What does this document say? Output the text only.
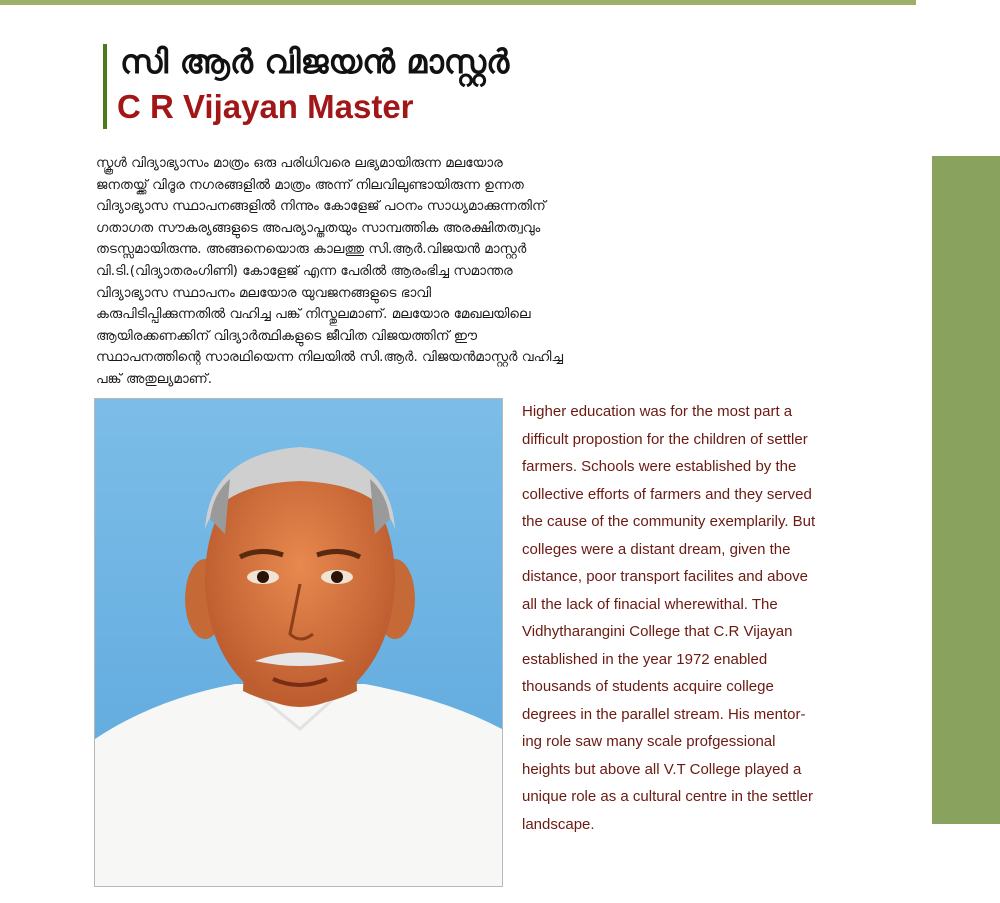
സി ആർ വിജയൻ മാസ്റ്റർ
C R Vijayan Master
സ്കൂൾ വിദ്യാഭ്യാസം മാത്രം ഒരു പരിധിവരെ ലഭ്യമായിരുന്ന മലയോര
ജനതയ്ക്ക് വിദൂര നഗരങ്ങളിൽ മാത്രം അന്ന് നിലവിലുണ്ടായിരുന്ന ഉന്നത
വിദ്യാഭ്യാസ സ്ഥാപനങ്ങളിൽ നിന്നും കോളേജ് പഠനം സാധ്യമാക്കുന്നതിന്
ഗതാഗത സൗകര്യങ്ങളുടെ അപര്യാപ്തതയും സാമ്പത്തിക അരക്ഷിതത്വവും
തടസ്സമായിരുന്നു. അങ്ങനെയൊരു കാലത്തു സി.ആർ.വിജയൻ മാസ്റ്റർ
വി.ടി.(വിദ്യാതരംഗിണി) കോളേജ് എന്ന പേരിൽ ആരംഭിച്ച സമാന്തര
വിദ്യാഭ്യാസ സ്ഥാപനം മലയോര യുവജനങ്ങളുടെ ഭാവി
കരുപിടിപ്പിക്കുന്നതിൽ വഹിച്ച പങ്ക് നിസ്തുലമാണ്. മലയോര മേഖലയിലെ
ആയിരക്കണക്കിന് വിദ്യാർത്ഥികളുടെ ജീവിത വിജയത്തിന് ഈ
സ്ഥാപനത്തിന്റെ സാരഥിയെന്ന നിലയിൽ സി.ആർ. വിജയൻമാസ്റ്റർ വഹിച്ച
പങ്ക് അതുല്യമാണ്.
Higher education was for the most part a
difficult propostion for the children of settler
farmers. Schools were established by the
collective efforts of farmers and they served
the cause of the community exemplarily. But
colleges were a distant dream, given the
distance, poor transport facilites and above
all the lack of finacial wherewithal. The
Vidhytharangini College that C.R Vijayan
established in the year 1972 enabled
thousands of students acquire college
degrees in the parallel stream. His mentor-
ing role saw many scale profgessional
heights but above all V.T College played a
unique role as a cultural centre in the settler
landscape.
